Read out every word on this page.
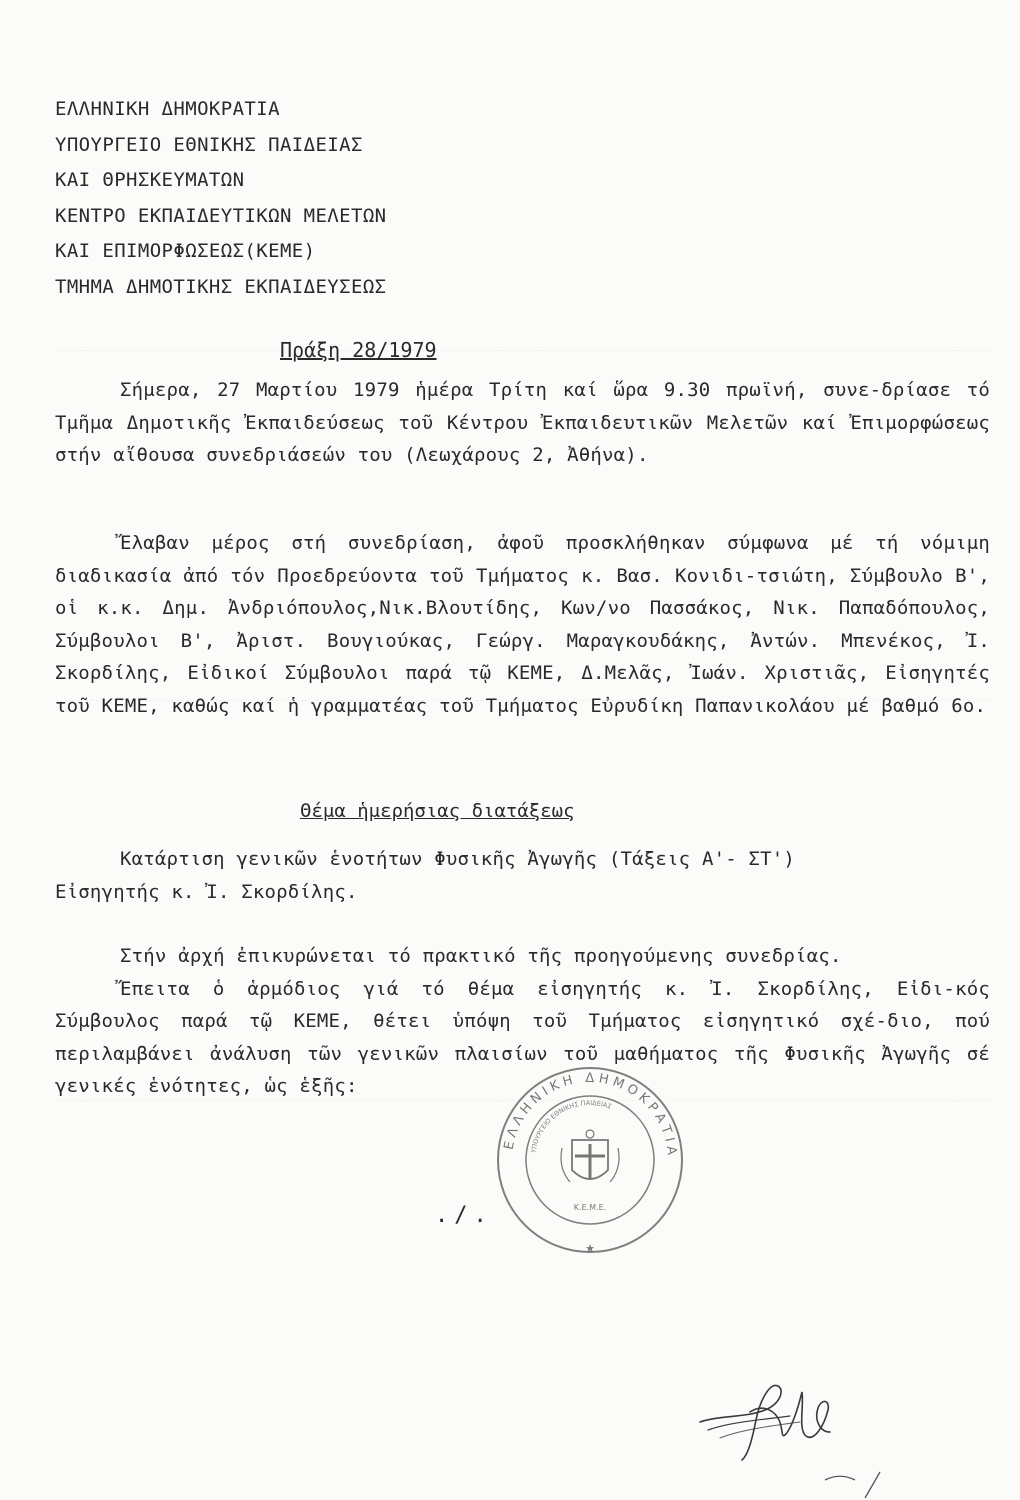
ΕΛΛΗΝΙΚΗ ΔΗΜΟΚΡΑΤΙΑ
ΥΠΟΥΡΓΕΙΟ ΕΘΝΙΚΗΣ ΠΑΙΔΕΙΑΣ
ΚΑΙ ΘΡΗΣΚΕΥΜΑΤΩΝ
ΚΕΝΤΡΟ ΕΚΠΑΙΔΕΥΤΙΚΩΝ ΜΕΛΕΤΩΝ
ΚΑΙ ΕΠΙΜΟΡΦΩΣΕΩΣ(ΚΕΜΕ)
ΤΜΗΜΑ ΔΗΜΟΤΙΚΗΣ ΕΚΠΑΙΔΕΥΣΕΩΣ
Πράξη 28/1979

Σήμερα, 27 Μαρτίου 1979 ἡμέρα Τρίτη καί ὥρα 9.30 πρωϊνή, συνε-δρίασε τό Τμῆμα Δημοτικῆς Ἐκπαιδεύσεως τοῦ Κέντρου Ἐκπαιδευτικῶν Μελετῶν καί Ἐπιμορφώσεως στήν αἴθουσα συνεδριάσεών του (Λεωχάρους 2, Ἀθήνα).

Ἔλαβαν μέρος στή συνεδρίαση, ἀφοῦ προσκλήθηκαν σύμφωνα μέ τή νόμιμη διαδικασία ἀπό τόν Προεδρεύοντα τοῦ Τμήματος κ. Βασ. Κονιδι-τσιώτη, Σύμβουλο Β', οἱ κ.κ. Δημ. Ἀνδριόπουλος,Νικ.Βλουτίδης, Κων/νο Πασσάκος, Νικ. Παπαδόπουλος, Σύμβουλοι Β', Ἀριστ. Βουγιούκας, Γεώργ. Μαραγκουδάκης, Ἀντών. Μπενέκος, Ἰ. Σκορδίλης, Εἰδικοί Σύμβουλοι παρά τῷ ΚΕΜΕ, Δ.Μελᾶς, Ἰωάν. Χριστιᾶς, Εἰσηγητές τοῦ ΚΕΜΕ, καθώς καί ἡ γραμματέας τοῦ Τμήματος Εὐρυδίκη Παπανικολάου μέ βαθμό 6ο.

Θέμα ἡμερήσιας διατάξεως

Κατάρτιση γενικῶν ἑνοτήτων Φυσικῆς Ἀγωγῆς (Τάξεις Α'- ΣΤ')

Εἰσηγητής κ. Ἰ. Σκορδίλης.

Στήν ἀρχή ἐπικυρώνεται τό πρακτικό τῆς προηγούμενης συνεδρίας.

Ἔπειτα ὁ ἁρμόδιος γιά τό θέμα εἰσηγητής κ. Ἰ. Σκορδίλης, Εἰδι-κός Σύμβουλος παρά τῷ ΚΕΜΕ, θέτει ὑπόψη τοῦ Τμήματος εἰσηγητικό σχέ-διο, πού περιλαμβάνει ἀνάλυση τῶν γενικῶν πλαισίων τοῦ μαθήματος τῆς Φυσικῆς Ἀγωγῆς σέ γενικές ἑνότητες, ὡς ἑξῆς:

ΕΛΛΗΝΙΚΗ ΔΗΜΟΚΡΑΤΙΑ
ΥΠΟΥΡΓΕΙΟ ΕΘΝΙΚΗΣ ΠΑΙΔΕΙΑΣ
Κ.Ε.Μ.Ε.
★
./.
